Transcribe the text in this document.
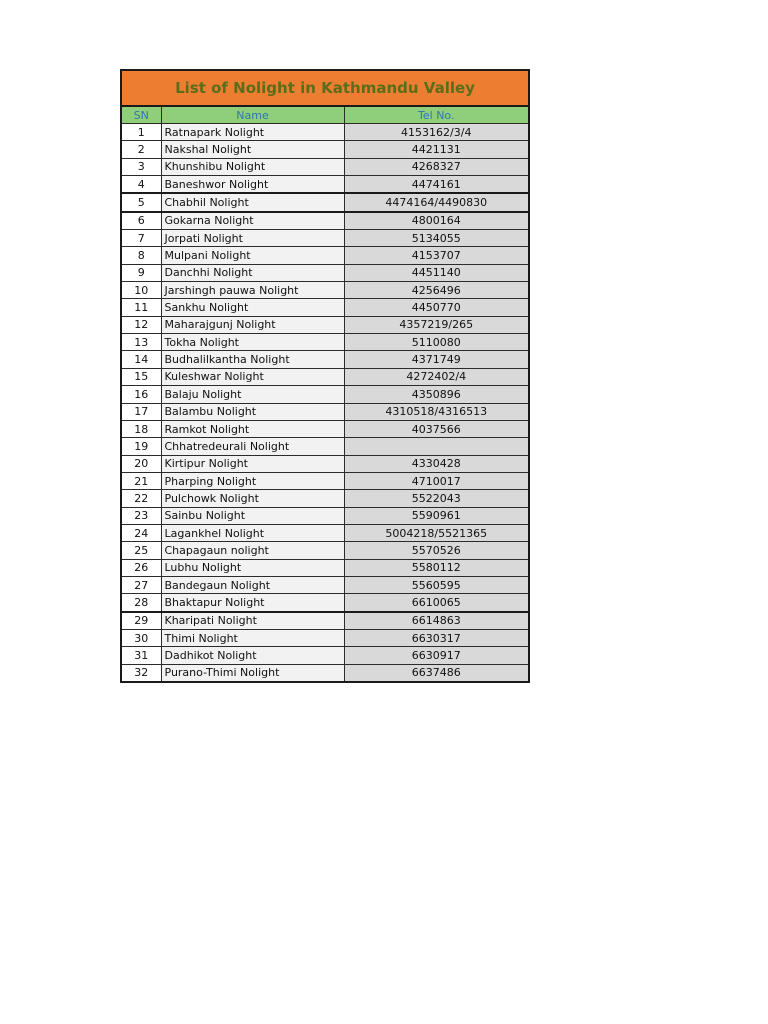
List of Nolight in Kathmandu Valley		
SN	Name	Tel No.
1	Ratnapark Nolight	4153162/3/4
2	Nakshal Nolight	4421131
3	Khunshibu Nolight	4268327
4	Baneshwor Nolight	4474161
5	Chabhil Nolight	4474164/4490830
6	Gokarna Nolight	4800164
7	Jorpati Nolight	5134055
8	Mulpani Nolight	4153707
9	Danchhi Nolight	4451140
10	Jarshingh pauwa Nolight	4256496
11	Sankhu Nolight	4450770
12	Maharajgunj Nolight	4357219/265
13	Tokha Nolight	5110080
14	Budhalilkantha Nolight	4371749
15	Kuleshwar Nolight	4272402/4
16	Balaju Nolight	4350896
17	Balambu Nolight	4310518/4316513
18	Ramkot Nolight	4037566
19	Chhatredeurali Nolight	
20	Kirtipur Nolight	4330428
21	Pharping Nolight	4710017
22	Pulchowk Nolight	5522043
23	Sainbu Nolight	5590961
24	Lagankhel Nolight	5004218/5521365
25	Chapagaun nolight	5570526
26	Lubhu Nolight	5580112
27	Bandegaun Nolight	5560595
28	Bhaktapur Nolight	6610065
29	Kharipati Nolight	6614863
30	Thimi Nolight	6630317
31	Dadhikot Nolight	6630917
32	Purano-Thimi Nolight	6637486
